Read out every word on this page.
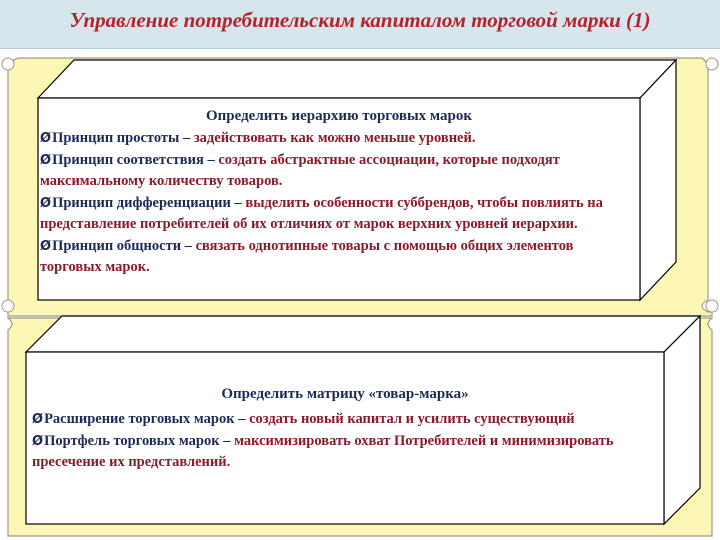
Управление потребительским капиталом торговой марки (1)
Определить иерархию торговых марок

ØПринцип простоты – задействовать как можно меньше уровней.

ØПринцип соответствия – создать абстрактные ассоциации, которые подходят максимальному количеству товаров.

ØПринцип дифференциации – выделить особенности суббрендов, чтобы повлиять на представление потребителей об их отличиях от марок верхних уровней иерархии.

ØПринцип общности – связать однотипные товары с помощью общих элементов торговых марок.

Определить матрицу «товар-марка»

ØРасширение торговых марок – создать новый капитал и усилить существующий

ØПортфель торговых марок – максимизировать охват Потребителей и минимизировать пресечение их представлений.
